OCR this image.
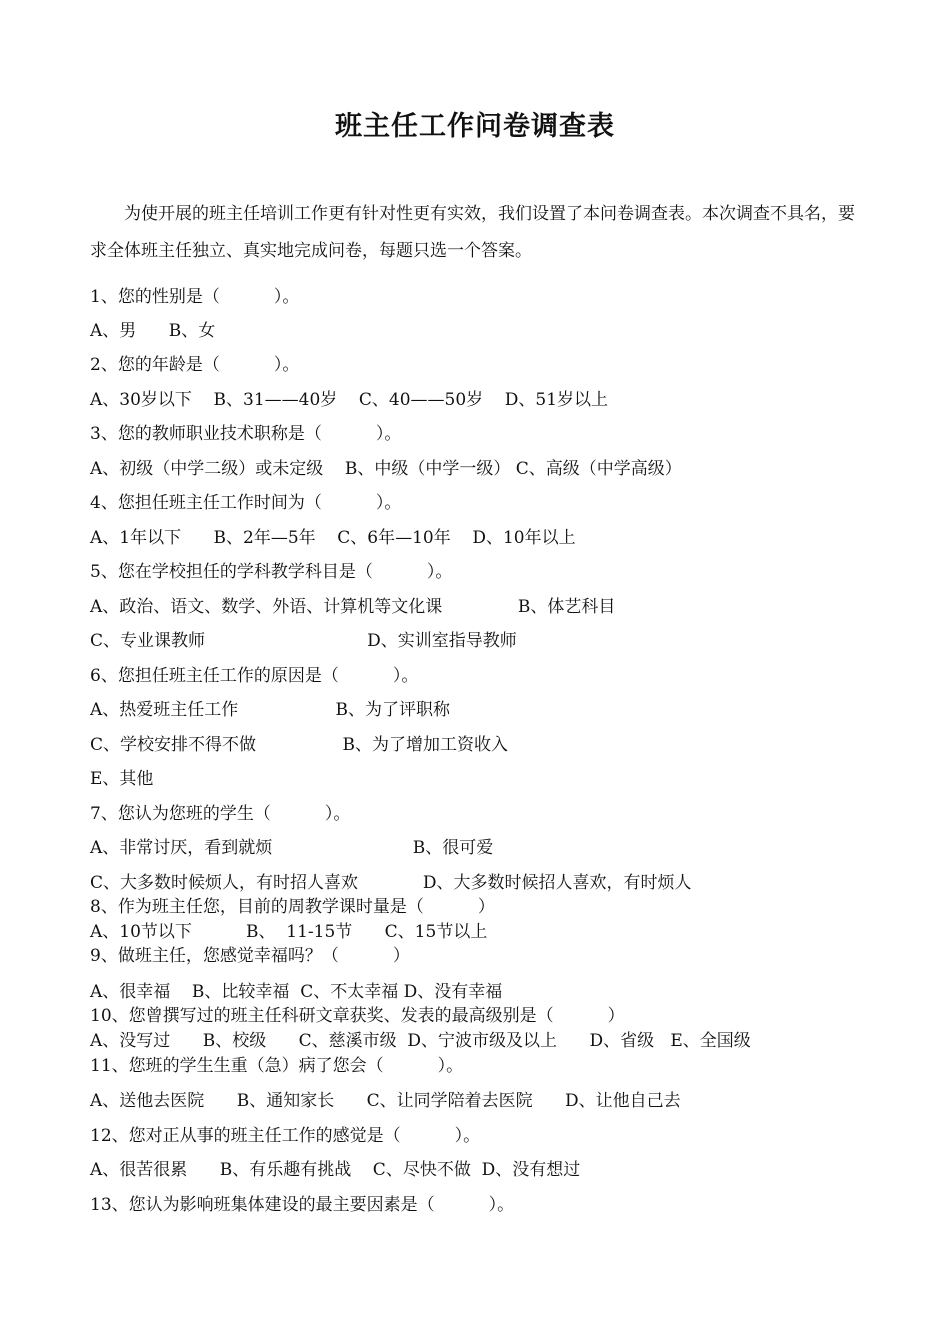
班主任工作问卷调查表
为使开展的班主任培训工作更有针对性更有实效，我们设置了本问卷调查表。本次调查不具名，要求全体班主任独立、真实地完成问卷，每题只选一个答案。
1、您的性别是（          ）。
A、男      B、女
2、您的年龄是（          ）。
A、30岁以下    B、31——40岁    C、40——50岁    D、51岁以上
3、您的教师职业技术职称是（          ）。
A、初级（中学二级）或未定级    B、中级（中学一级） C、高级（中学高级）
4、您担任班主任工作时间为（          ）。
A、1年以下      B、2年—5年    C、6年—10年    D、10年以上
5、您在学校担任的学科教学科目是（          ）。
A、政治、语文、数学、外语、计算机等文化课              B、体艺科目
C、专业课教师                              D、实训室指导教师
6、您担任班主任工作的原因是（          ）。
A、热爱班主任工作                  B、为了评职称
C、学校安排不得不做                B、为了增加工资收入
E、其他
7、您认为您班的学生（          ）。
A、非常讨厌，看到就烦                          B、很可爱
C、大多数时候烦人，有时招人喜欢            D、大多数时候招人喜欢，有时烦人
8、作为班主任您，目前的周教学课时量是（          ）
A、10节以下          B、  11-15节      C、15节以上
9、做班主任，您感觉幸福吗？（          ）
A、很幸福    B、比较幸福  C、不太幸福 D、没有幸福
10、您曾撰写过的班主任科研文章获奖、发表的最高级别是（          ）
A、没写过      B、校级      C、慈溪市级  D、宁波市级及以上      D、省级   E、全国级
11、您班的学生生重（急）病了您会（          ）。
A、送他去医院      B、通知家长      C、让同学陪着去医院      D、让他自己去
12、您对正从事的班主任工作的感觉是（          ）。
A、很苦很累      B、有乐趣有挑战    C、尽快不做  D、没有想过
13、您认为影响班集体建设的最主要因素是（          ）。
